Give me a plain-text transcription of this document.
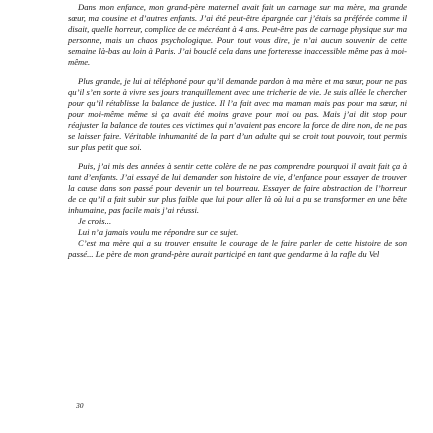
Dans mon enfance, mon grand-père maternel avait fait un carnage sur ma mère, ma grande sœur, ma cousine et d’autres enfants. J’ai été peut-être épargnée car j’étais sa préférée comme il disait, quelle horreur, complice de ce mécréant à 4 ans. Peut-être pas de carnage physique sur ma personne, mais un chaos psychologique. Pour tout vous dire, je n’ai aucun souvenir de cette semaine là-bas au loin à Paris. J’ai bouclé cela dans une forteresse inaccessible même pas à moi-même.

Plus grande, je lui ai téléphoné pour qu’il demande pardon à ma mère et ma sœur, pour ne pas qu’il s’en sorte à vivre ses jours tranquillement avec une tricherie de vie. Je suis allée le chercher pour qu’il rétablisse la balance de justice. Il l’a fait avec ma maman mais pas pour ma sœur, ni pour moi-même même si ça avait été moins grave pour moi ou pas. Mais j’ai dit stop pour réajuster la balance de toutes ces victimes qui n’avaient pas encore la force de dire non, de ne pas se laisser faire. Véritable inhumanité de la part d’un adulte qui se croit tout pouvoir, tout permis sur plus petit que soi.

Puis, j’ai mis des années à sentir cette colère de ne pas comprendre pourquoi il avait fait ça à tant d’enfants. J’ai essayé de lui demander son histoire de vie, d’enfance pour essayer de trouver la cause dans son passé pour devenir un tel bourreau. Essayer de faire abstraction de l’horreur de ce qu’il a fait subir sur plus faible que lui pour aller là où lui a pu se transformer en une bête inhumaine, pas facile mais j’ai réussi.

Je crois...

Lui n’a jamais voulu me répondre sur ce sujet.

C’est ma mère qui a su trouver ensuite le courage de le faire parler de cette histoire de son passé... Le père de mon grand-père aurait participé en tant que gendarme à la rafle du Vel

30
